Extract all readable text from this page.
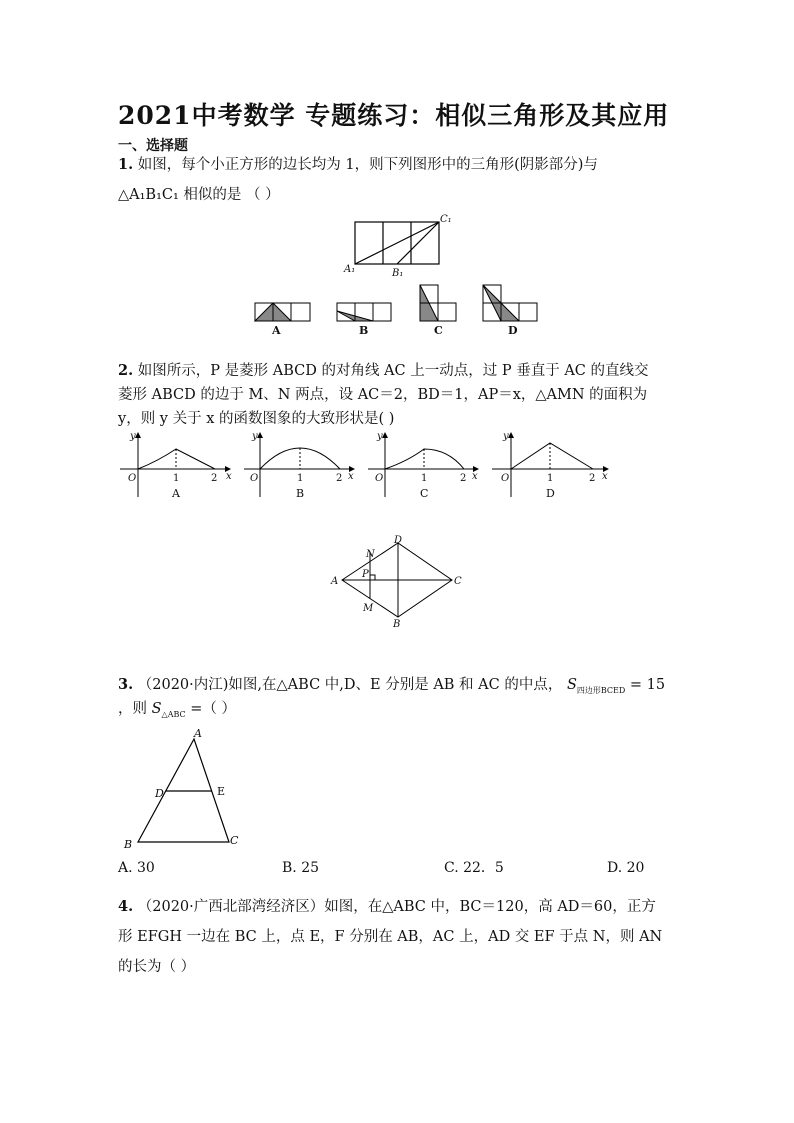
2021中考数学 专题练习：相似三角形及其应用
一、选择题
1. 如图，每个小正方形的边长均为 1，则下列图形中的三角形(阴影部分)与
△A₁B₁C₁ 相似的是 （ ）
A₁	B₁
C₁
A	B	C	D
2. 如图所示，P 是菱形 ABCD 的对角线 AC 上一动点，过 P 垂直于 AC 的直线交
菱形 ABCD 的边于 M、N 两点，设 AC＝2，BD＝1，AP＝x，△AMN 的面积为
y，则 y 关于 x 的函数图象的大致形状是( )
y
x
O
y
x
O
y
x
O
y
x
O
1	2	1	2	1	2	1	2
A	B	C	D
A
B
C
D
M
N
P
3. （2020·内江)如图,在△ABC 中,D、E 分别是 AB 和 AC 的中点， $S_{四边形BCED} = 15$
，则 $S_{\triangle ABC}$ =（ ）
A
B	C
D	E
A. 30	B. 25	C. 22．5	D. 20
4. （2020·广西北部湾经济区）如图，在△ABC 中，BC＝120，高 AD＝60，正方
形 EFGH 一边在 BC 上，点 E，F 分别在 AB，AC 上，AD 交 EF 于点 N，则 AN
的长为（ ）
